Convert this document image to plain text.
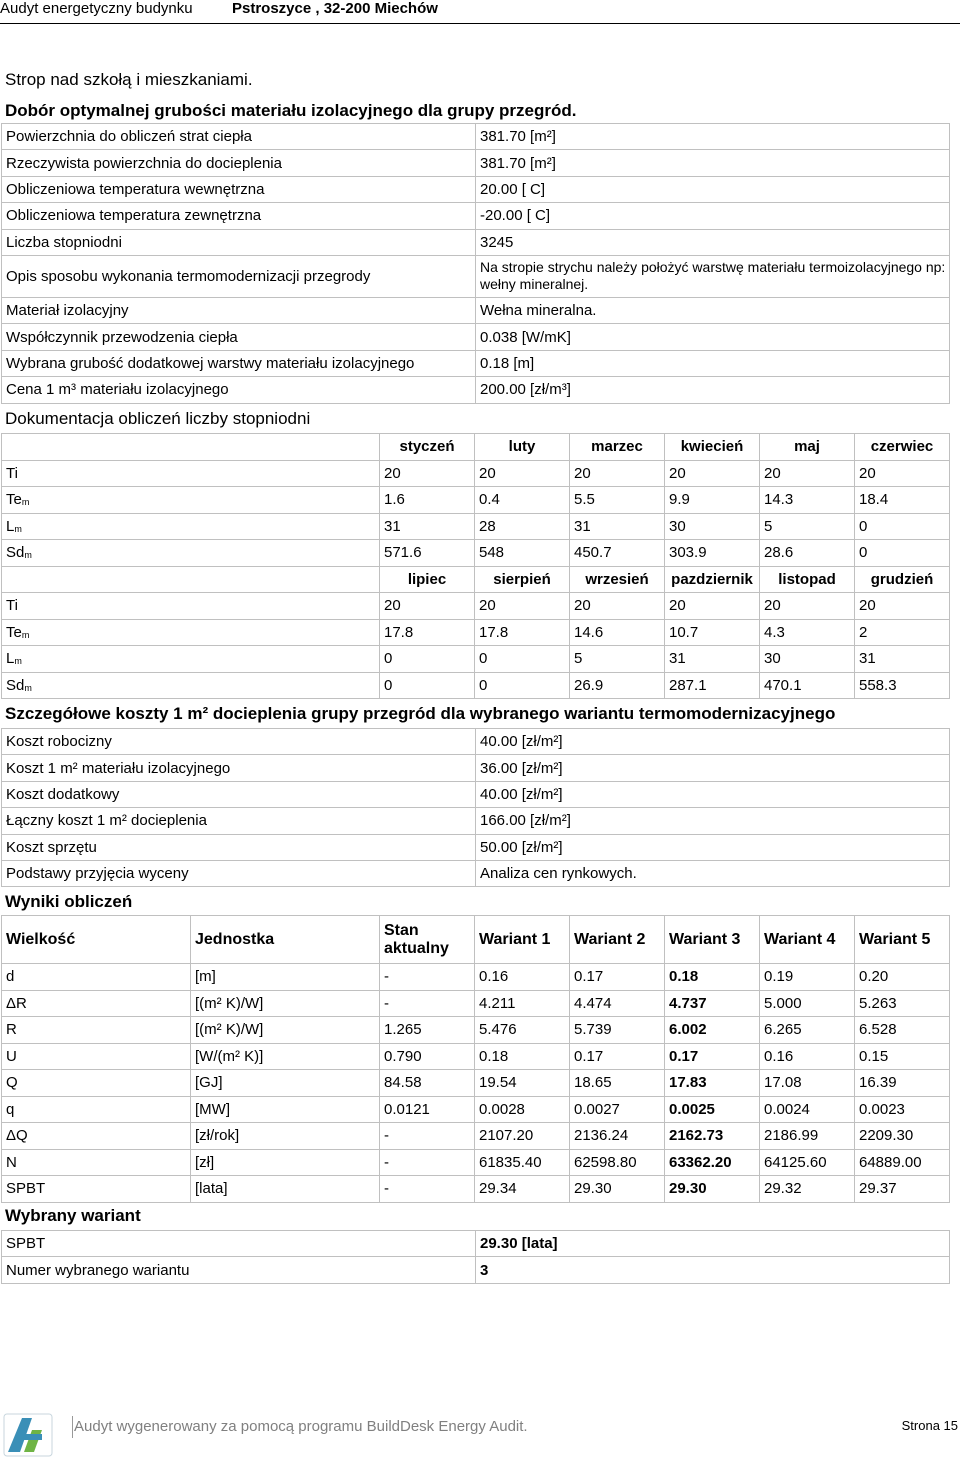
Audyt energetyczny budynku	Pstroszyce , 32-200 Miechów
Strop nad szkołą i mieszkaniami.
Dobór optymalnej grubości materiału izolacyjnego dla grupy przegród.
Powierzchnia do obliczeń strat ciepła	381.70 [m²]
Rzeczywista powierzchnia do docieplenia	381.70 [m²]
Obliczeniowa temperatura wewnętrzna	20.00 [ C]
Obliczeniowa temperatura zewnętrzna	-20.00 [ C]
Liczba stopniodni	3245
Opis sposobu wykonania termomodernizacji przegrody	Na stropie strychu należy położyć warstwę materiału termoizolacyjnego np: wełny mineralnej.
Materiał izolacyjny	Wełna mineralna.
Współczynnik przewodzenia ciepła	0.038 [W/mK]
Wybrana grubość dodatkowej warstwy materiału izolacyjnego	0.18 [m]
Cena 1 m³ materiału izolacyjnego	200.00 [zł/m³]
Dokumentacja obliczeń liczby stopniodni
	styczeń	luty	marzec	kwiecień	maj	czerwiec
Ti	20	20	20	20	20	20
$Te_m$	1.6	0.4	5.5	9.9	14.3	18.4
$L_m$	31	28	31	30	5	0
$Sd_m$	571.6	548	450.7	303.9	28.6	0
	lipiec	sierpień	wrzesień	pazdziernik	listopad	grudzień
Ti	20	20	20	20	20	20
$Te_m$	17.8	17.8	14.6	10.7	4.3	2
$L_m$	0	0	5	31	30	31
$Sd_m$	0	0	26.9	287.1	470.1	558.3
Szczegółowe koszty 1 m² docieplenia grupy przegród dla wybranego wariantu termomodernizacyjnego
Koszt robocizny	40.00 [zł/m²]
Koszt 1 m² materiału izolacyjnego	36.00 [zł/m²]
Koszt dodatkowy	40.00 [zł/m²]
Łączny koszt 1 m² docieplenia	166.00 [zł/m²]
Koszt sprzętu	50.00 [zł/m²]
Podstawy przyjęcia wyceny	Analiza cen rynkowych.
Wyniki obliczeń
Wielkość	Jednostka	Stan aktualny	Wariant 1	Wariant 2	Wariant 3	Wariant 4	Wariant 5
d	[m]	-	0.16	0.17	0.18	0.19	0.20
ΔR	[(m² K)/W]	-	4.211	4.474	4.737	5.000	5.263
R	[(m² K)/W]	1.265	5.476	5.739	6.002	6.265	6.528
U	[W/(m² K)]	0.790	0.18	0.17	0.17	0.16	0.15
Q	[GJ]	84.58	19.54	18.65	17.83	17.08	16.39
q	[MW]	0.0121	0.0028	0.0027	0.0025	0.0024	0.0023
ΔQ	[zł/rok]	-	2107.20	2136.24	2162.73	2186.99	2209.30
N	[zł]	-	61835.40	62598.80	63362.20	64125.60	64889.00
SPBT	[lata]	-	29.34	29.30	29.30	29.32	29.37
Wybrany wariant
SPBT	29.30 [lata]
Numer wybranego wariantu	3
Audyt wygenerowany za pomocą programu BuildDesk Energy Audit.	Strona 15
